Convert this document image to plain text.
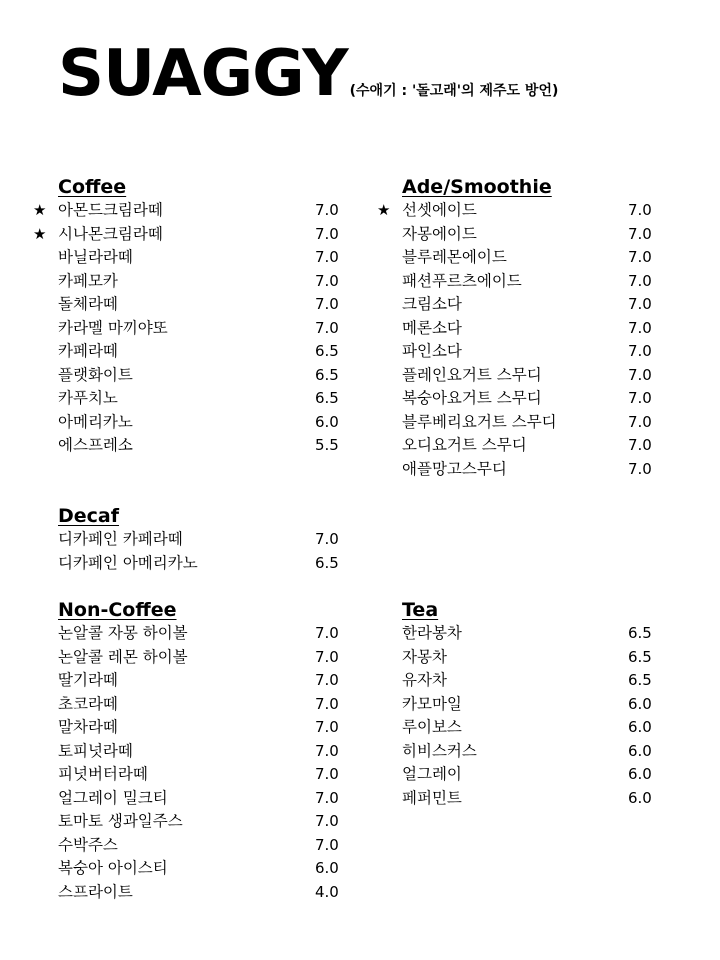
SUAGGY (수애기 : '돌고래'의 제주도 방언)
Coffee
★ 아몬드크림라떼	7.0
★ 시나몬크림라떼	7.0
바닐라라떼	7.0
카페모카	7.0
돌체라떼	7.0
카라멜 마끼야또	7.0
카페라떼	6.5
플랫화이트	6.5
카푸치노	6.5
아메리카노	6.0
에스프레소	5.5
Ade/Smoothie
★ 선셋에이드	7.0
자몽에이드	7.0
블루레몬에이드	7.0
패션푸르츠에이드	7.0
크림소다	7.0
메론소다	7.0
파인소다	7.0
플레인요거트 스무디	7.0
복숭아요거트 스무디	7.0
블루베리요거트 스무디	7.0
오디요거트 스무디	7.0
애플망고스무디	7.0
Decaf
디카페인 카페라떼	7.0
디카페인 아메리카노	6.5
Non-Coffee
논알콜 자몽 하이볼	7.0
논알콜 레몬 하이볼	7.0
딸기라떼	7.0
초코라떼	7.0
말차라떼	7.0
토피넛라떼	7.0
피넛버터라떼	7.0
얼그레이 밀크티	7.0
토마토 생과일주스	7.0
수박주스	7.0
복숭아 아이스티	6.0
스프라이트	4.0
Tea
한라봉차	6.5
자몽차	6.5
유자차	6.5
카모마일	6.0
루이보스	6.0
히비스커스	6.0
얼그레이	6.0
페퍼민트	6.0
